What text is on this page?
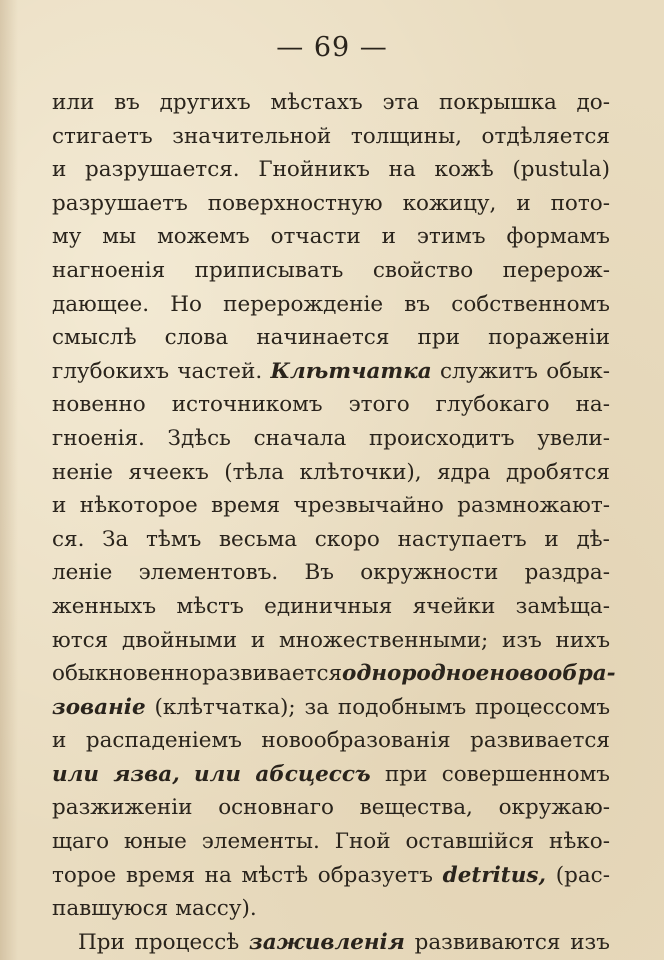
— 69 —
или въ другихъ мѣстахъ эта покрышка до-
стигаетъ значительной толщины, отдѣляется
и разрушается. Гнойникъ на кожѣ (pustula)
разрушаетъ поверхностную кожицу, и пото-
му мы можемъ отчасти и этимъ формамъ
нагноенія приписывать свойство перерож-
дающее. Но перерожденіе въ собственномъ
смыслѣ слова начинается при пораженіи
глубокихъ частей. Клѣтчатка служитъ обык-
новенно источникомъ этого глубокаго на-
гноенія. Здѣсь сначала происходитъ увели-
неніе ячеекъ (тѣла клѣточки), ядра дробятся
и нѣкоторое время чрезвычайно размножают-
ся. За тѣмъ весьма скоро наступаетъ и дѣ-
леніе элементовъ. Въ окружности раздра-
женныхъ мѣстъ единичныя ячейки замѣща-
ются двойными и множественными; изъ нихъ
обыкновенно развивается однородное новообра-
зованіе (клѣтчатка); за подобнымъ процессомъ
и распаденіемъ новообразованія развивается
или язва, или абсцессъ при совершенномъ
разжиженіи основнаго вещества, окружаю-
щаго юные элементы. Гной оставшійся нѣко-
торое время на мѣстѣ образуетъ detritus, (рас-
павшуюся массу).
При процессѣ заживленія развиваются изъ
